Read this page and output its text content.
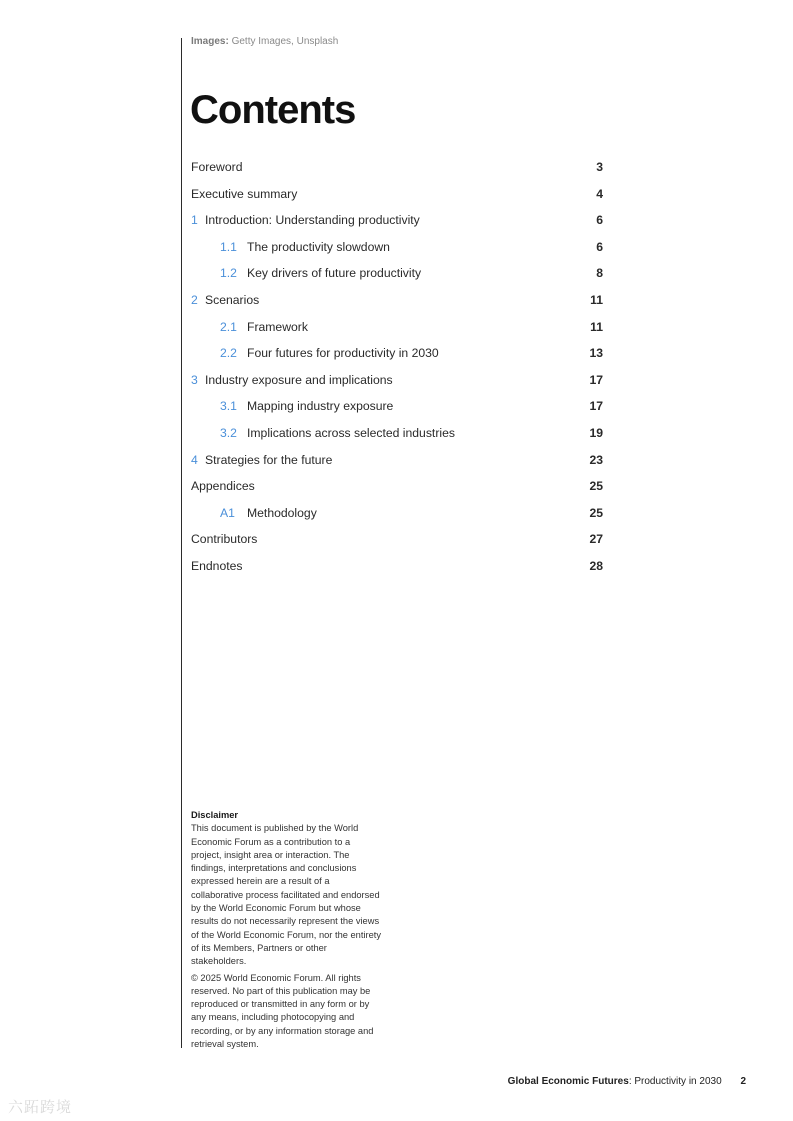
Images: Getty Images, Unsplash
Contents
Foreword	3
Executive summary	4
1 Introduction: Understanding productivity	6
1.1 The productivity slowdown	6
1.2 Key drivers of future productivity	8
2 Scenarios	11
2.1 Framework	11
2.2 Four futures for productivity in 2030	13
3 Industry exposure and implications	17
3.1 Mapping industry exposure	17
3.2 Implications across selected industries	19
4 Strategies for the future	23
Appendices	25
A1 Methodology	25
Contributors	27
Endnotes	28
Disclaimer

This document is published by the World Economic Forum as a contribution to a project, insight area or interaction. The findings, interpretations and conclusions expressed herein are a result of a collaborative process facilitated and endorsed by the World Economic Forum but whose results do not necessarily represent the views of the World Economic Forum, nor the entirety of its Members, Partners or other stakeholders.

© 2025 World Economic Forum. All rights reserved. No part of this publication may be reproduced or transmitted in any form or by any means, including photocopying and recording, or by any information storage and retrieval system.

Global Economic Futures: Productivity in 2030 2
六跖跨境
